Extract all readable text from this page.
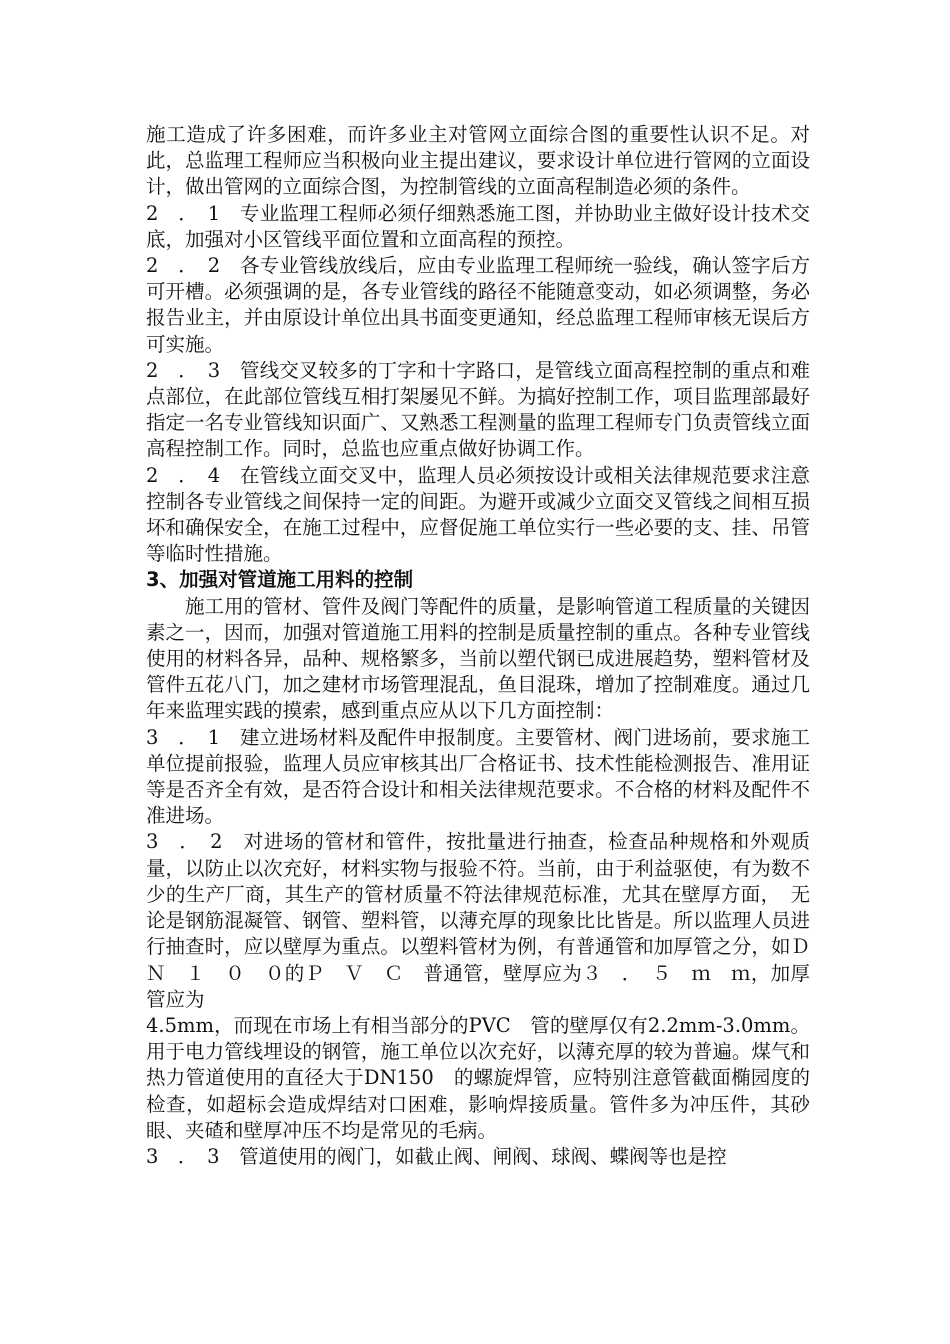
施工造成了许多困难，而许多业主对管网立面综合图的重要性认识不足。对此，总监理工程师应当积极向业主提出建议，要求设计单位进行管网的立面设计，做出管网的立面综合图，为控制管线的立面高程制造必须的条件。

2　．　1　专业监理工程师必须仔细熟悉施工图，并协助业主做好设计技术交底，加强对小区管线平面位置和立面高程的预控。

2　．　2　各专业管线放线后，应由专业监理工程师统一验线，确认签字后方可开槽。必须强调的是，各专业管线的路径不能随意变动，如必须调整，务必报告业主，并由原设计单位出具书面变更通知，经总监理工程师审核无误后方可实施。

2　．　3　管线交叉较多的丁字和十字路口，是管线立面高程控制的重点和难点部位，在此部位管线互相打架屡见不鲜。为搞好控制工作，项目监理部最好指定一名专业管线知识面广、又熟悉工程测量的监理工程师专门负责管线立面高程控制工作。同时，总监也应重点做好协调工作。

2　．　4　在管线立面交叉中，监理人员必须按设计或相关法律规范要求注意控制各专业管线之间保持一定的间距。为避开或减少立面交叉管线之间相互损坏和确保安全，在施工过程中，应督促施工单位实行一些必要的支、挂、吊管等临时性措施。

3、加强对管道施工用料的控制

施工用的管材、管件及阀门等配件的质量，是影响管道工程质量的关键因素之一，因而，加强对管道施工用料的控制是质量控制的重点。各种专业管线使用的材料各异，品种、规格繁多，当前以塑代钢已成进展趋势，塑料管材及管件五花八门，加之建材市场管理混乱，鱼目混珠，增加了控制难度。通过几年来监理实践的摸索，感到重点应从以下几方面控制：

3　．　1　建立进场材料及配件申报制度。主要管材、阀门进场前，要求施工单位提前报验，监理人员应审核其出厂合格证书、技术性能检测报告、准用证等是否齐全有效，是否符合设计和相关法律规范要求。不合格的材料及配件不准进场。

3　．　2　对进场的管材和管件，按批量进行抽查，检查品种规格和外观质量，以防止以次充好，材料实物与报验不符。当前，由于利益驱使，有为数不少的生产厂商，其生产的管材质量不符法律规范标准，尤其在壁厚方面，　无论是钢筋混凝管、钢管、塑料管，以薄充厚的现象比比皆是。所以监理人员进行抽查时，应以壁厚为重点。以塑料管材为例，有普通管和加厚管之分，如Ｄ　Ｎ　１　０　０的Ｐ　Ｖ　Ｃ　普通管，壁厚应为３　．　５　ｍ　ｍ，加厚管应为

4.5mm，而现在市场上有相当部分的PVC　管的壁厚仅有2.2mm-3.0mm。用于电力管线埋设的钢管，施工单位以次充好，以薄充厚的较为普遍。煤气和热力管道使用的直径大于DN150　的螺旋焊管，应特别注意管截面椭园度的检查，如超标会造成焊结对口困难，影响焊接质量。管件多为冲压件，其砂眼、夹碴和壁厚冲压不均是常见的毛病。

3　．　3　管道使用的阀门，如截止阀、闸阀、球阀、蝶阀等也是控
